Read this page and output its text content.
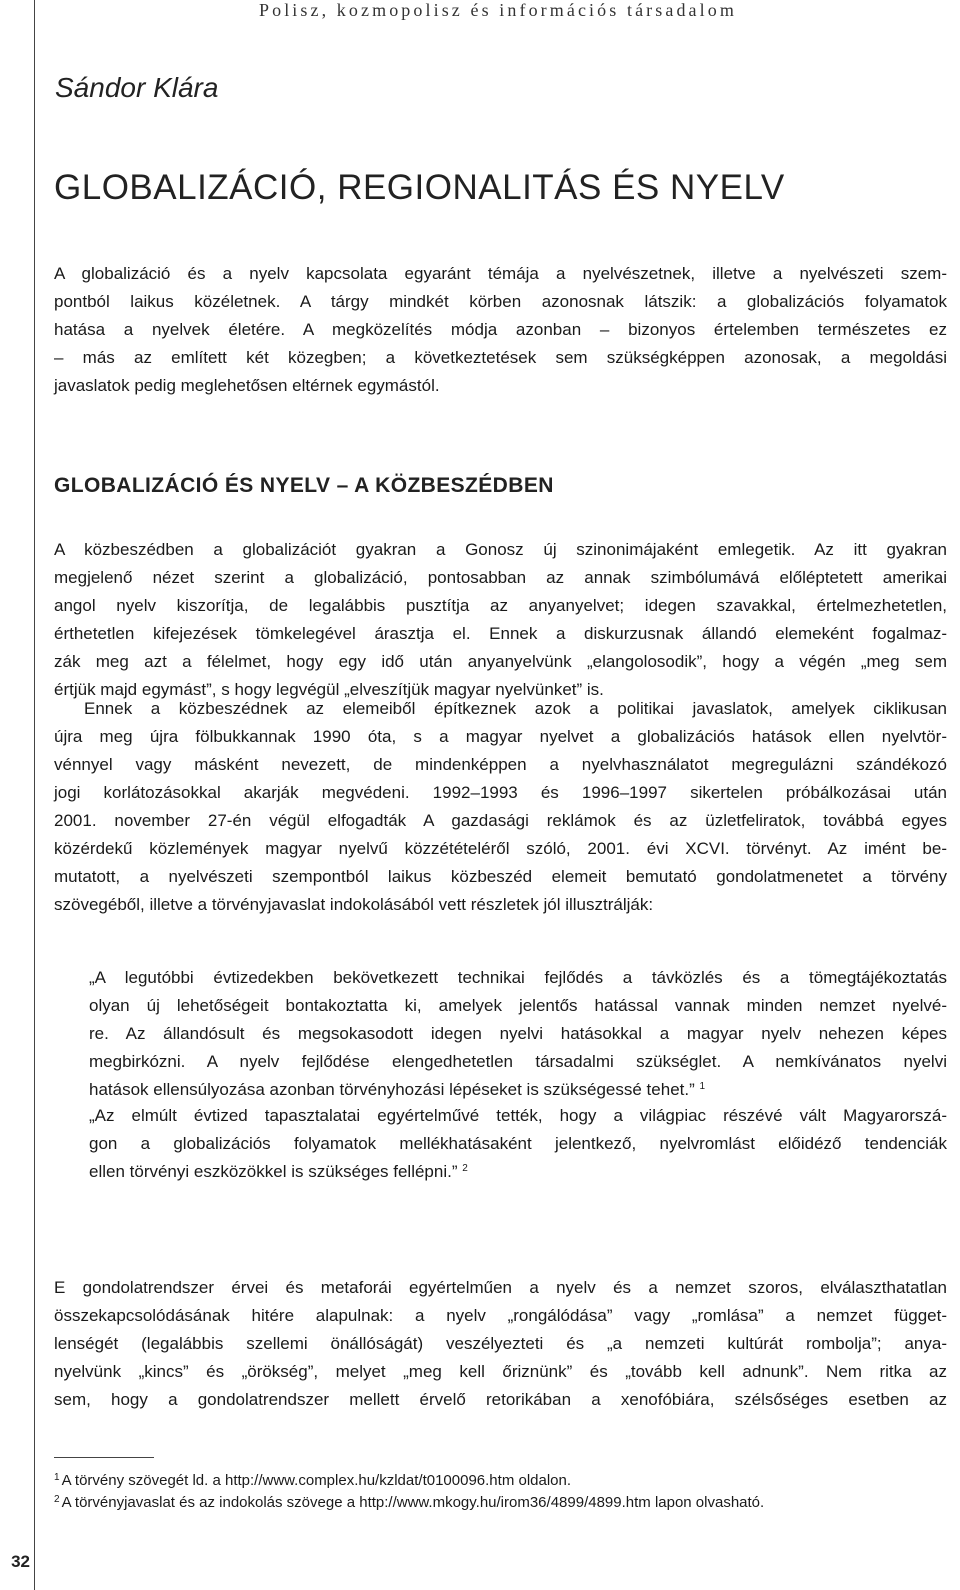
Polisz, kozmopolisz és információs társadalom
Sándor Klára
GLOBALIZÁCIÓ, REGIONALITÁS ÉS NYELV
A globalizáció és a nyelv kapcsolata egyaránt témája a nyelvészetnek, illetve a nyelvészeti szem-
pontból laikus közéletnek. A tárgy mindkét körben azonosnak látszik: a globalizációs folyamatok
hatása a nyelvek életére. A megközelítés módja azonban – bizonyos értelemben természetes ez
– más az említett két közegben; a következtetések sem szükségképpen azonosak, a megoldási
javaslatok pedig meglehetősen eltérnek egymástól.
GLOBALIZÁCIÓ ÉS NYELV – A KÖZBESZÉDBEN
A közbeszédben a globalizációt gyakran a Gonosz új szinonimájaként emlegetik. Az itt gyakran
megjelenő nézet szerint a globalizáció, pontosabban az annak szimbólumává előléptetett amerikai
angol nyelv kiszorítja, de legalábbis pusztítja az anyanyelvet; idegen szavakkal, értelmezhetetlen,
érthetetlen kifejezések tömkelegével árasztja el. Ennek a diskurzusnak állandó elemeként fogalmaz-
zák meg azt a félelmet, hogy egy idő után anyanyelvünk „elangolosodik”, hogy a végén „meg sem
értjük majd egymást”, s hogy legvégül „elveszítjük magyar nyelvünket” is.
Ennek a közbeszédnek az elemeiből építkeznek azok a politikai javaslatok, amelyek ciklikusan
újra meg újra fölbukkannak 1990 óta, s a magyar nyelvet a globalizációs hatások ellen nyelvtör-
vénnyel vagy másként nevezett, de mindenképpen a nyelvhasználatot megregulázni szándékozó
jogi korlátozásokkal akarják megvédeni. 1992–1993 és 1996–1997 sikertelen próbálkozásai után
2001. november 27-én végül elfogadták A gazdasági reklámok és az üzletfeliratok, továbbá egyes
közérdekű közlemények magyar nyelvű közzétételéről szóló, 2001. évi XCVI. törvényt. Az imént be-
mutatott, a nyelvészeti szempontból laikus közbeszéd elemeit bemutató gondolatmenetet a törvény
szövegéből, illetve a törvényjavaslat indokolásából vett részletek jól illusztrálják:
„A legutóbbi évtizedekben bekövetkezett technikai fejlődés a távközlés és a tömegtájékoztatás
olyan új lehetőségeit bontakoztatta ki, amelyek jelentős hatással vannak minden nemzet nyelvé-
re. Az állandósult és megsokasodott idegen nyelvi hatásokkal a magyar nyelv nehezen képes
megbirkózni. A nyelv fejlődése elengedhetetlen társadalmi szükséglet. A nemkívánatos nyelvi
hatások ellensúlyozása azonban törvényhozási lépéseket is szükségessé tehet.” $^1$
„Az elmúlt évtized tapasztalatai egyértelművé tették, hogy a világpiac részévé vált Magyarorszá-
gon a globalizációs folyamatok mellékhatásaként jelentkező, nyelvromlást előidéző tendenciák
ellen törvényi eszközökkel is szükséges fellépni.” $^2$
E gondolatrendszer érvei és metaforái egyértelműen a nyelv és a nemzet szoros, elválaszthatatlan
összekapcsolódásának hitére alapulnak: a nyelv „rongálódása” vagy „romlása” a nemzet függet-
lenségét (legalábbis szellemi önállóságát) veszélyezteti és „a nemzeti kultúrát rombolja”; anya-
nyelvünk „kincs” és „örökség”, melyet „meg kell őriznünk” és „tovább kell adnunk”. Nem ritka az
sem, hogy a gondolatrendszer mellett érvelő retorikában a xenofóbiára, szélsőséges esetben az
$^1$ A törvény szövegét ld. a http://www.complex.hu/kzldat/t0100096.htm oldalon.
$^2$ A törvényjavaslat és az indokolás szövege a http://www.mkogy.hu/irom36/4899/4899.htm lapon olvasható.
32
